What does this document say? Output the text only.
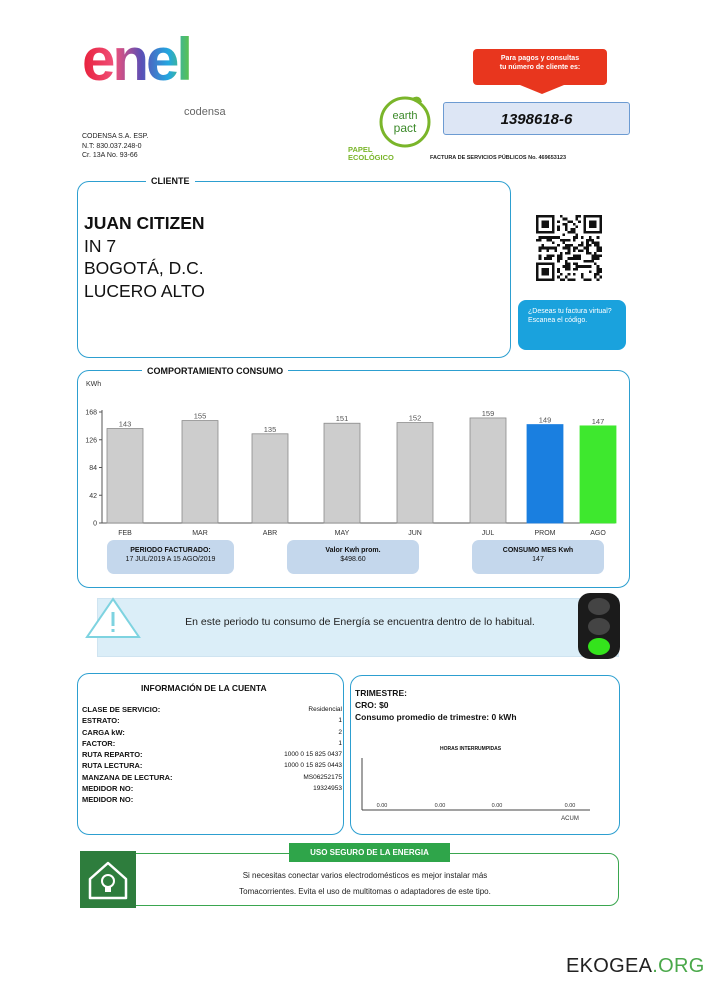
enel
codensa
CODENSA S.A. ESP.
N.T: 830.037.248-0
Cr. 13A No. 93-66
earth
pact
PAPEL
ECOLÓGICO
Para pagos y consultas
tu número de cliente es:
1398618-6
FACTURA DE SERVICIOS PÚBLICOS No. 469653123
CLIENTE
JUAN CITIZEN
IN 7
BOGOTÁ, D.C.
LUCERO ALTO
¿Deseas tu factura virtual? Escanea el código.
COMPORTAMIENTO CONSUMO
KWh
0
42
84
126
168
143
FEB
155
MAR
135
ABR
151
MAY
152
JUN
159
JUL
149
PROM
147
AGO
PERIODO FACTURADO:
17 JUL/2019 A 15 AGO/2019
Valor Kwh prom.
$498.60
CONSUMO MES Kwh
147
En este periodo tu consumo de Energía se encuentra dentro de lo habitual.
INFORMACIÓN DE LA CUENTA
CLASE DE SERVICIO:	Residencial
ESTRATO:	1
CARGA kW:	2
FACTOR:	1
RUTA REPARTO:	1000 0 15 825 0437
RUTA LECTURA:	1000 0 15 825 0443
MANZANA DE LECTURA:	MS06252175
MEDIDOR NO:	19324953
MEDIDOR NO:
TRIMESTRE:
CRO: $0
Consumo promedio de trimestre: 0 kWh
HORAS INTERRUMPIDAS
0.00	0.00	0.00	0.00
ACUM
USO SEGURO DE LA ENERGIA
Si necesitas conectar varios electrodomésticos es mejor instalar más
Tomacorrientes. Evita el uso de multitomas o adaptadores de este tipo.
EKOGEA.ORG
